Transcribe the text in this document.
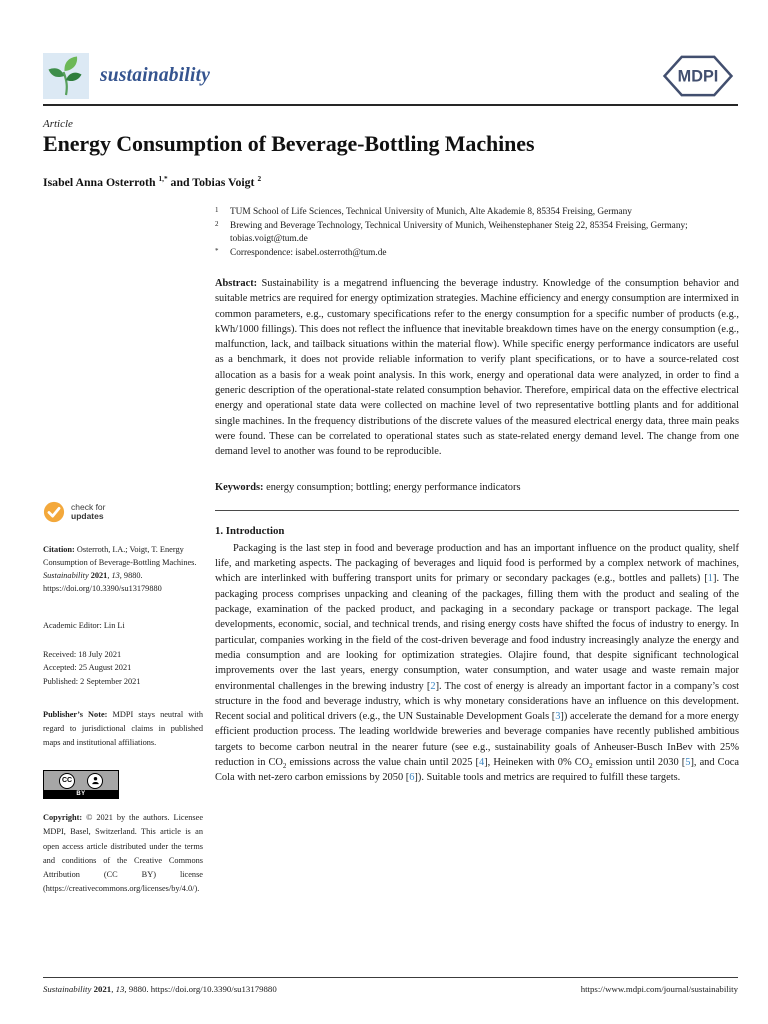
sustainability	MDPI
Article
Energy Consumption of Beverage-Bottling Machines
Isabel Anna Osterroth $^{1,*}$ and Tobias Voigt $^2$
1	TUM School of Life Sciences, Technical University of Munich, Alte Akademie 8, 85354 Freising, Germany
2	Brewing and Beverage Technology, Technical University of Munich, Weihenstephaner Steig 22, 85354 Freising, Germany; tobias.voigt@tum.de
*	Correspondence: isabel.osterroth@tum.de

Abstract: Sustainability is a megatrend influencing the beverage industry. Knowledge of the consumption behavior and suitable metrics are required for energy optimization strategies. Machine efficiency and energy consumption are intermixed in common parameters, e.g., customary specifications refer to the energy consumption for a specific number of products (e.g., kWh/1000 fillings). This does not reflect the influence that inevitable breakdown times have on the energy consumption (e.g., malfunction, lack, and tailback situations within the material flow). While specific energy performance indicators are useful as a benchmark, it does not provide reliable information to verify plant specifications, or to have a source-related cost allocation as a basis for a weak point analysis. In this work, energy and operational data were analyzed, in order to find a generic description of the operational-state related consumption behavior. Therefore, empirical data on the effective electrical energy and operational state data were collected on machine level of two representative bottling plants and for additional single machines. In the frequency distributions of the discrete values of the measured electrical energy data, three main peaks were found. These can be correlated to operational states such as state-related energy demand level. The change from one demand level to another was found to be reproducible.

Keywords: energy consumption; bottling; energy performance indicators

1. Introduction

Packaging is the last step in food and beverage production and has an important influence on the product quality, shelf life, and marketing aspects. The packaging of beverages and liquid food is performed by a complex network of machines, which are interlinked with buffering transport units for primary or secondary packages (e.g., bottles and pallets) [1]. The packaging process comprises unpacking and cleaning of the packages, filling them with the product and sealing of the package, examination of the packed product, and packaging in a secondary package or transport package. The legal developments, economic, social, and technical trends, and rising energy costs have shifted the focus of industry to energy. In particular, companies working in the field of the cost-driven beverage and food industry increasingly analyze the energy and media consumption and are looking for optimization strategies. Olajire found, that despite significant technological improvements over the last years, energy consumption, water consumption, and water usage and waste remain major environmental challenges in the brewing industry [2]. The cost of energy is already an important factor in a company’s cost structure in the food and beverage industry, which is why monetary considerations have an influence on this development. Recent social and political drivers (e.g., the UN Sustainable Development Goals [3]) accelerate the demand for a more energy efficient production process. The leading worldwide breweries and beverage companies have recently published ambitious targets to become carbon neutral in the nearer future (see e.g., sustainability goals of Anheuser-Busch InBev with 25% reduction in $CO_2$ emissions across the value chain until 2025 [4], Heineken with 0% $CO_2$ emission until 2030 [5], and Coca Cola with net-zero carbon emissions by 2050 [6]). Suitable tools and metrics are required to fulfill these targets.

check for
updates
Citation: Osterroth, I.A.; Voigt, T. Energy Consumption of Beverage-Bottling Machines. Sustainability 2021, 13, 9880. https://doi.org/10.3390/su13179880
Academic Editor: Lin Li
Received: 18 July 2021
Accepted: 25 August 2021
Published: 2 September 2021
Publisher’s Note: MDPI stays neutral with regard to jurisdictional claims in published maps and institutional affiliations.
CC
BY
Copyright: © 2021 by the authors. Licensee MDPI, Basel, Switzerland. This article is an open access article distributed under the terms and conditions of the Creative Commons Attribution (CC BY) license (https://creativecommons.org/licenses/by/4.0/).
Sustainability 2021, 13, 9880. https://doi.org/10.3390/su13179880	https://www.mdpi.com/journal/sustainability
